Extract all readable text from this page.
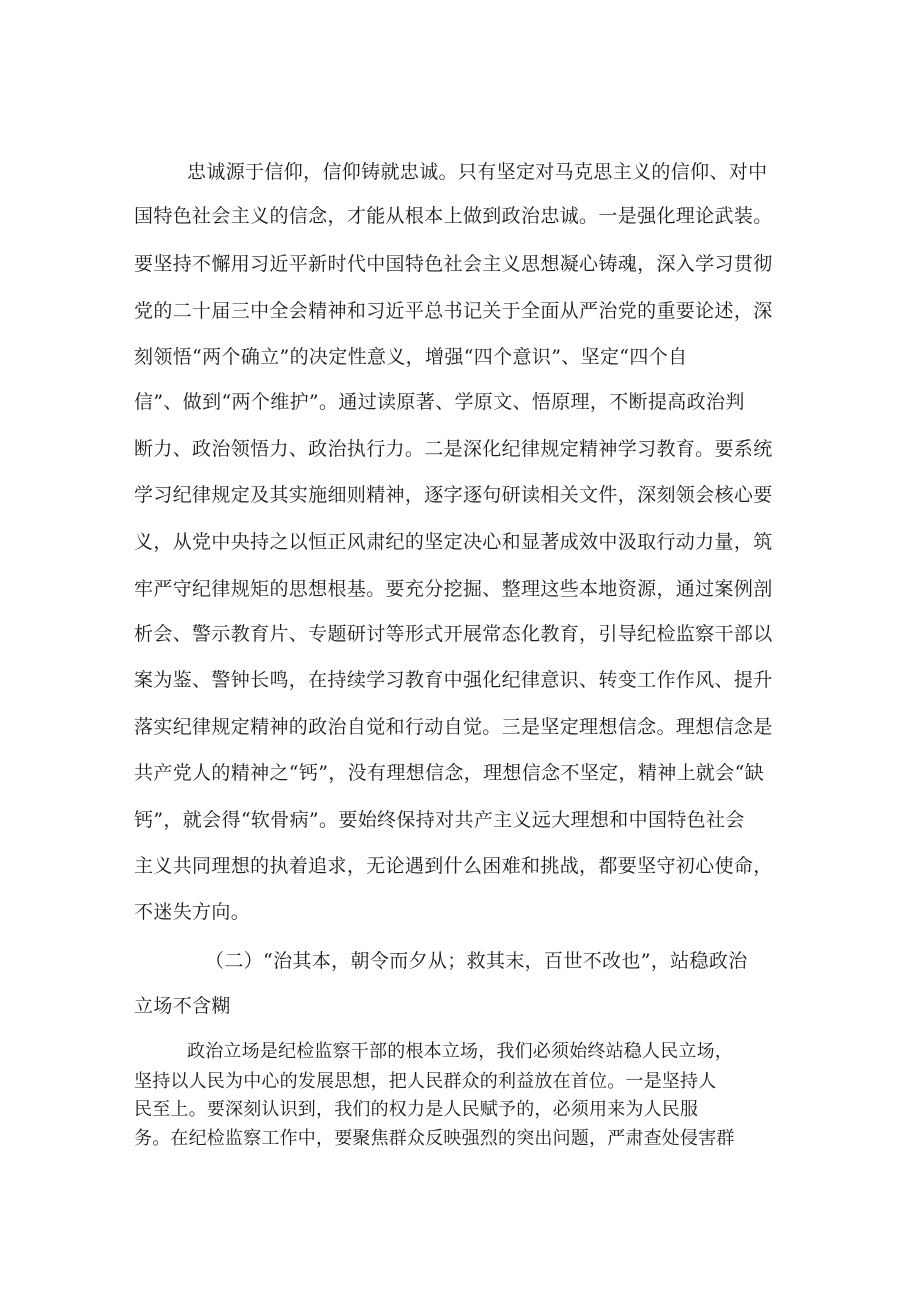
忠诚源于信仰，信仰铸就忠诚。只有坚定对马克思主义的信仰、对中
国特色社会主义的信念，才能从根本上做到政治忠诚。一是强化理论武装。
要坚持不懈用习近平新时代中国特色社会主义思想凝心铸魂，深入学习贯彻
党的二十届三中全会精神和习近平总书记关于全面从严治党的重要论述，深
刻领悟“两个确立”的决定性意义，增强“四个意识”、坚定“四个自
信”、做到“两个维护”。通过读原著、学原文、悟原理，不断提高政治判
断力、政治领悟力、政治执行力。二是深化纪律规定精神学习教育。要系统
学习纪律规定及其实施细则精神，逐字逐句研读相关文件，深刻领会核心要
义，从党中央持之以恒正风肃纪的坚定决心和显著成效中汲取行动力量，筑
牢严守纪律规矩的思想根基。要充分挖掘、整理这些本地资源，通过案例剖
析会、警示教育片、专题研讨等形式开展常态化教育，引导纪检监察干部以
案为鉴、警钟长鸣，在持续学习教育中强化纪律意识、转变工作作风、提升
落实纪律规定精神的政治自觉和行动自觉。三是坚定理想信念。理想信念是
共产党人的精神之“钙”，没有理想信念，理想信念不坚定，精神上就会“缺
钙”，就会得“软骨病”。要始终保持对共产主义远大理想和中国特色社会
主义共同理想的执着追求，无论遇到什么困难和挑战，都要坚守初心使命，
不迷失方向。
（二）“治其本，朝令而夕从；救其末，百世不改也”，站稳政治
立场不含糊
政治立场是纪检监察干部的根本立场，我们必须始终站稳人民立场，
坚持以人民为中心的发展思想，把人民群众的利益放在首位。一是坚持人
民至上。要深刻认识到，我们的权力是人民赋予的，必须用来为人民服
务。在纪检监察工作中，要聚焦群众反映强烈的突出问题，严肃查处侵害群
